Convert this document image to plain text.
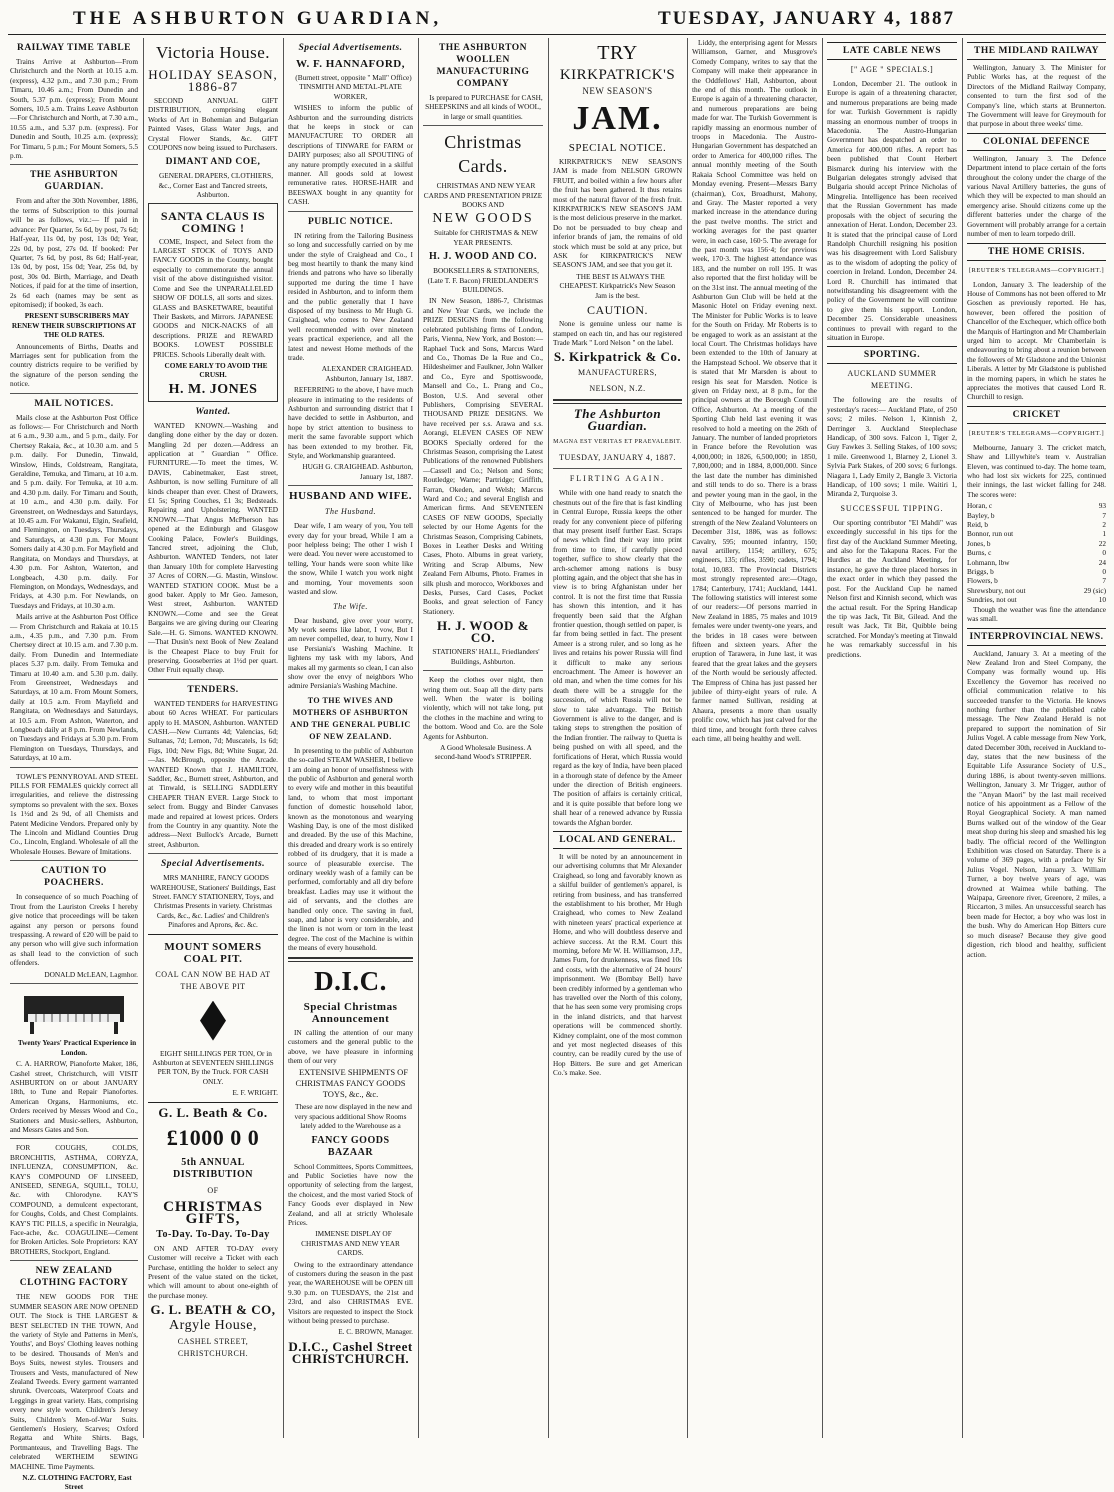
THE ASHBURTON GUARDIAN,	TUESDAY, JANUARY 4, 1887
RAILWAY TIME TABLE

Trains Arrive at Ashburton—From Christchurch and the North at 10.15 a.m. (express), 4.32 p.m., and 7.30 p.m.; From Timaru, 10.46 a.m.; From Dunedin and South, 5.37 p.m. (express); From Mount Somers, 10.5 a.m. Trains Leave Ashburton—For Christchurch and North, at 7.30 a.m., 10.55 a.m., and 5.37 p.m. (express). For Dunedin and South, 10.25 a.m. (express); For Timaru, 5 p.m.; For Mount Somers, 5.5 p.m.

THE ASHBURTON GUARDIAN.

From and after the 30th November, 1886, the terms of Subscription to this journal will be as follows, viz.:— If paid in advance: Per Quarter, 5s 6d, by post, 7s 6d; Half-year, 11s 0d, by post, 13s 0d; Year, 22s 0d, by post, 27s 0d. If booked: Per Quarter, 7s 6d, by post, 8s 6d; Half-year, 13s 0d, by post, 15s 0d; Year, 25s 0d, by post, 30s 0d. Birth, Marriage, and Death Notices, if paid for at the time of insertion, 2s 6d each (names may be sent as epitomised); if booked, 3s each.

PRESENT SUBSCRIBERS MAY RENEW THEIR SUBSCRIPTIONS AT THE OLD RATES.

Announcements of Births, Deaths and Marriages sent for publication from the country districts require to be verified by the signature of the person sending the notice.

MAIL NOTICES.

Mails close at the Ashburton Post Office as follows:— For Christchurch and North at 6 a.m., 9.30 a.m., and 5 p.m., daily. For Chertsey Rakaia, &c., at 10.30 a.m. and 5 p.m. daily. For Dunedin, Tinwald, Winslow, Hinds, Coldstream, Rangitata, Geraldine, Temuka, and Timaru, at 10 a.m. and 5 p.m. daily. For Temuka, at 10 a.m. and 4.30 p.m. daily. For Timaru and South, at 10 a.m., and 4.30 p.m. daily. For Greenstreet, on Wednesdays and Saturdays, at 10.45 a.m. For Wakanui, Elgin, Seafield, and Flemington, on Tuesdays, Thursdays, and Saturdays, at 4.30 p.m. For Mount Somers daily at 4.30 p.m. For Mayfield and Rangitata, on Mondays and Thursdays, at 4.30 p.m. For Ashton, Waterton, and Longbeach, 4.30 p.m. daily. For Flemington, on Mondays, Wednesdays, and Fridays, at 4.30 p.m. For Newlands, on Tuesdays and Fridays, at 10.30 a.m.

Mails arrive at the Ashburton Post Office— From Christchurch and Rakaia at 10.15 a.m., 4.35 p.m., and 7.30 p.m. From Chertsey direct at 10.15 a.m. and 7.30 p.m. daily. From Dunedin and Intermediate places 5.37 p.m. daily. From Temuka and Timaru at 10.40 a.m. and 5.30 p.m. daily. From Greenstreet, Wednesdays and Saturdays, at 10 a.m. From Mount Somers, daily at 10.5 a.m. From Mayfield and Rangitata, on Wednesdays and Saturdays, at 10.5 a.m. From Ashton, Waterton, and Longbeach daily at 8 p.m. From Newlands, on Tuesdays and Fridays at 5.30 p.m. From Flemington on Tuesdays, Thursdays, and Saturdays, at 10 a.m.

TOWLE'S PENNYROYAL AND STEEL PILLS FOR FEMALES quickly correct all irregularities, and relieve the distressing symptoms so prevalent with the sex. Boxes 1s 1½d and 2s 9d, of all Chemists and Patent Medicine Vendors. Prepared only by The Lincoln and Midland Counties Drug Co., Lincoln, England. Wholesale of all the Wholesale Houses. Beware of Imitations.

CAUTION TO POACHERS.

In consequence of so much Poaching of Trout from the Lauriston Creeks I hereby give notice that proceedings will be taken against any person or persons found trespassing. A reward of £20 will be paid to any person who will give such information as shall lead to the conviction of such offenders.

DONALD McLEAN, Lagmhor.

Twenty Years' Practical Experience in London.

C. A. HARROW, Pianoforte Maker, 186, Cashel street, Christchurch, will VISIT ASHBURTON on or about JANUARY 18th, to Tune and Repair Pianofortes. American Organs, Harmoniums, etc. Orders received by Messrs Wood and Co., Stationers and Music-sellers, Ashburton, and Messrs Gates and Son.

FOR COUGHS, COLDS, BRONCHITIS, ASTHMA, CORYZA, INFLUENZA, CONSUMPTION, &c. KAY'S COMPOUND OF LINSEED, ANISEED, SENEGA, SQUILL, TOLU, &c. with Chlorodyne. KAY'S COMPOUND, a demulcent expectorant, for Coughs, Colds, and Chest Complaints. KAY'S TIC PILLS, a specific in Neuralgia, Face-ache, &c. COAGULINE—Cement for Broken Articles. Sole Proprietors: KAY BROTHERS, Stockport, England.

NEW ZEALAND CLOTHING FACTORY

THE NEW GOODS FOR THE SUMMER SEASON ARE NOW OPENED OUT. The Stock is THE LARGEST & BEST SELECTED IN THE TOWN, And the variety of Style and Patterns in Men's, Youths', and Boys' Clothing leaves nothing to be desired. Thousands of Men's and Boys Suits, newest styles. Trousers and Trousers and Vests, manufactured of New Zealand Tweeds. Every garment warranted shrunk. Overcoats, Waterproof Coats and Leggings in great variety. Hats, comprising every new style worn. Children's Jersey Suits, Children's Men-of-War Suits. Gentlemen's Hosiery, Scarves; Oxford Regatta and White Shirts. Bags, Portmanteaus, and Travelling Bags. The celebrated WERTHEIM SEWING MACHINE. Time Payments.

N.Z. CLOTHING FACTORY, East Street

Victoria House.
HOLIDAY SEASON, 1886-87

SECOND ANNUAL GIFT DISTRIBUTION, comprising elegant Works of Art in Bohemian and Bulgarian Painted Vases, Glass Water Jugs, and Crystal Flower Stands, &c. GIFT COUPONS now being issued to Purchasers.

DIMANT AND COE,

GENERAL DRAPERS, CLOTHIERS, &c., Corner East and Tancred streets, Ashburton.

SANTA CLAUS IS COMING !

COME, Inspect, and Select from the LARGEST STOCK of TOYS AND FANCY GOODS in the County, bought especially to commemorate the annual visit of the above distinguished visitor. Come and See the UNPARALLELED SHOW OF DOLLS, all sorts and sizes. GLASS and BASKETWARE, beautiful Their Baskets, and Mirrors. JAPANESE GOODS and NICK-NACKS of all descriptions. PRIZE and REWARD BOOKS. LOWEST POSSIBLE PRICES. Schools Liberally dealt with.

COME EARLY TO AVOID THE CRUSH.

H. M. JONES
Wanted.

WANTED KNOWN.—Washing and dangling done either by the day or dozen. Mangling 2d per dozen.—Address an application at " Guardian " Office. FURNITURE.—To meet the times, W. DAVIS, Cabinetmaker, East street, Ashburton, is now selling Furniture of all kinds cheaper than ever. Chest of Drawers, £1 5s; Spring Couches, £1 3s; Bedsteads. Repairing and Upholstering. WANTED KNOWN.—That Angus McPherson has opened at the Edinburgh and Glasgow Cooking Palace, Fowler's Buildings, Tancred street, adjoining the Club, Ashburton. WANTED Tenders, not later than January 10th for complete Harvesting 37 Acres of CORN.—G. Mastin, Winslow. WANTED STATION COOK. Must be a good baker. Apply to Mr Geo. Jameson, West street, Ashburton. WANTED KNOWN.—Come and see the Great Bargains we are giving during our Clearing Sale.—H. G. Simons. WANTED KNOWN.—That Dusin's next Book of New Zealand is the Cheapest Place to buy Fruit for preserving. Gooseberries at 1½d per quart. Other Fruit equally cheap.

TENDERS.

WANTED TENDERS for HARVESTING about 60 Acres WHEAT. For particulars apply to H. MASON, Ashburton. WANTED CASH.—New Currants 4d; Valencias, 6d; Sultanas, 7d; Lemon, 7d; Muscatels, 1s 6d; Figs, 10d; New Figs, 8d; White Sugar, 2d.—Jas. McBrough, opposite the Arcade. WANTED Known that J. HAMILTON, Saddler, &c., Burnett street, Ashburton, and at Tinwald, is SELLING SADDLERY CHEAPER THAN EVER. Large Stock to select from. Buggy and Binder Canvases made and repaired at lowest prices. Orders from the Country in any quantity. Note the address—Next Bullock's Arcade, Burnett street, Ashburton.

Special Advertisements.

MRS MANHIRE, FANCY GOODS WAREHOUSE, Stationers' Buildings, East Street. FANCY STATIONERY, Toys, and Christmas Presents in variety. Christmas Cards, &c., &c. Ladies' and Children's Pinafores and Aprons, &c. &c.

MOUNT SOMERS COAL PIT.
COAL CAN NOW BE HAD AT THE ABOVE PIT

EIGHT SHILLINGS PER TON, Or in Ashburton at SEVENTEEN SHILLINGS PER TON, By the Truck. FOR CASH ONLY.

E. F. WRIGHT.

G. L. Beath & Co.
£1000 0 0
5th ANNUAL DISTRIBUTION
OF
CHRISTMAS GIFTS,
To-Day. To-Day. To-Day

ON AND AFTER TO-DAY every Customer will receive a Ticket with each Purchase, entitling the holder to select any Present of the value stated on the ticket, which will amount to about one-eighth of the purchase money.

G. L. BEATH & CO,
Argyle House,
CASHEL STREET, CHRISTCHURCH.
Special Advertisements.
W. F. HANNAFORD,

(Burnett street, opposite " Mall" Office) TINSMITH AND METAL-PLATE WORKER,

WISHES to inform the public of Ashburton and the surrounding districts that he keeps in stock or can MANUFACTURE TO ORDER all descriptions of TINWARE for FARM or DAIRY purposes; also all SPOUTING of any nature promptly executed in a skilful manner. All goods sold at lowest remunerative rates. HORSE-HAIR and BEESWAX bought in any quantity for CASH.

PUBLIC NOTICE.

IN retiring from the Tailoring Business so long and successfully carried on by me under the style of Craighead and Co., I beg most heartily to thank the many kind friends and patrons who have so liberally supported me during the time I have resided in Ashburton, and to inform them and the public generally that I have disposed of my business to Mr Hugh G. Craighead, who comes to New Zealand well recommended with over nineteen years practical experience, and all the latest and newest Home methods of the trade.

ALEXANDER CRAIGHEAD. Ashburton, January 1st, 1887.

REFERRING to the above, I have much pleasure in intimating to the residents of Ashburton and surrounding district that I have decided to settle in Ashburton, and hope by strict attention to business to merit the same favorable support which has been extended to my brother. Fit, Style, and Workmanship guaranteed.

HUGH G. CRAIGHEAD. Ashburton, January 1st, 1887.

HUSBAND AND WIFE.
The Husband.

Dear wife, I am weary of you, You tell every day for your bread, While I am a poor helpless being; The other I wish I were dead. You never were accustomed to telling, Your hands were soon white like the snow, While I watch you work night and morning, Your movements soon wasted and slow.

The Wife.

Dear husband, give over your worry, My work seems like labor, I vow, But I am never compelled, dear, to hurry, Now I use Persiania's Washing Machine. It lightens my task with my labors, And makes all my garments so clean, I can also show over the envy of neighbors Who admire Persiania's Washing Machine.

TO THE WIVES AND MOTHERS OF ASHBURTON AND THE GENERAL PUBLIC OF NEW ZEALAND.

In presenting to the public of Ashburton the so-called STEAM WASHER, I believe I am doing an honor of unselfishness with the public of Ashburton and general worth to every wife and mother in this beautiful land, to whom that most important function of domestic household labor, known as the monotonous and wearying Washing Day, is one of the most disliked and dreaded. By the use of this Machine, this dreaded and dreary work is so entirely robbed of its drudgery, that it is made a source of pleasurable exercise. The ordinary weekly wash of a family can be performed, comfortably and all dry before breakfast. Ladies may use it without the aid of servants, and the clothes are handled only once. The saving in fuel, soap, and labor is very considerable, and the linen is not worn or torn in the least degree. The cost of the Machine is within the means of every household.

D.I.C.
Special Christmas Announcement

IN calling the attention of our many customers and the general public to the above, we have pleasure in informing them of our very

EXTENSIVE SHIPMENTS OF CHRISTMAS FANCY GOODS TOYS, &c., &c.

These are now displayed in the new and very spacious additional Show Rooms lately added to the Warehouse as a

FANCY GOODS BAZAAR

School Committees, Sports Committees, and Public Societies have now the opportunity of selecting from the largest, the choicest, and the most varied Stock of Fancy Goods ever displayed in New Zealand, and all at strictly Wholesale Prices.

IMMENSE DISPLAY OF CHRISTMAS AND NEW YEAR CARDS.

Owing to the extraordinary attendance of customers during the season in the past year, the WAREHOUSE will be OPEN till 9.30 p.m. on TUESDAYS, the 21st and 23rd, and also CHRISTMAS EVE. Visitors are requested to inspect the Stock without being pressed to purchase.

E. C. BROWN, Manager.

D.I.C., Cashel Street CHRISTCHURCH.
THE ASHBURTON WOOLLEN MANUFACTURING COMPANY

Is prepared to PURCHASE for CASH, SHEEPSKINS and all kinds of WOOL, in large or small quantities.

Christmas Cards.

CHRISTMAS AND NEW YEAR CARDS AND PRESENTATION PRIZE BOOKS AND

NEW GOODS

Suitable for CHRISTMAS & NEW YEAR PRESENTS.

H. J. WOOD AND CO.

BOOKSELLERS & STATIONERS, (Late T. F. Bacon) FRIEDLANDER'S BUILDINGS.

IN New Season, 1886-7, Christmas and New Year Cards, we include the PRIZE DESIGNS from the following celebrated publishing firms of London, Paris, Vienna, New York, and Boston:—Raphael Tuck and Sons, Marcus Ward and Co., Thomas De la Rue and Co., Hildesheimer and Faulkner, John Walker and Co., Eyre and Spottiswoode, Mansell and Co., L. Prang and Co., Boston, U.S. And several other Publishers, Comprising SEVERAL THOUSAND PRIZE DESIGNS. We have received per s.s. Arawa and s.s. Aorangi, ELEVEN CASES OF NEW BOOKS Specially ordered for the Christmas Season, comprising the Latest Publications of the renowned Publishers—Cassell and Co.; Nelson and Sons; Routledge; Warne; Partridge; Griffith, Farran, Okeden, and Welsh; Marcus Ward and Co.; and several English and American firms. And SEVENTEEN CASES OF NEW GOODS, Specially selected by our Home Agents for the Christmas Season, Comprising Cabinets, Boxes in Leather Desks and Writing Cases, Photo. Albums in great variety, Writing and Scrap Albums, New Zealand Fern Albums, Photo. Frames in silk plush and morocco, Workboxes and Desks, Purses, Card Cases, Pocket Books, and great selection of Fancy Stationery.

H. J. WOOD & CO.

STATIONERS' HALL, Friedlanders' Buildings, Ashburton.

Keep the clothes over night, then wring them out. Soap all the dirty parts well. When the water is boiling violently, which will not take long, put the clothes in the machine and wring to the bottom. Wood and Co. are the Sole Agents for Ashburton.

A Good Wholesale Business. A second-hand Wood's STRIPPER.

TRY
KIRKPATRICK'S
NEW SEASON'S
JAM.
SPECIAL NOTICE.

KIRKPATRICK'S NEW SEASON'S JAM is made from NELSON GROWN FRUIT, and boiled within a few hours after the fruit has been gathered. It thus retains most of the natural flavor of the fresh fruit. KIRKPATRICK'S NEW SEASON'S JAM is the most delicious preserve in the market. Do not be persuaded to buy cheap and inferior brands of jam, the remains of old stock which must be sold at any price, but ASK for KIRKPATRICK'S NEW SEASON'S JAM, and see that you get it.

THE BEST IS ALWAYS THE CHEAPEST. Kirkpatrick's New Season Jam is the best.

CAUTION.

None is genuine unless our name is stamped on each tin, and has our registered Trade Mark " Lord Nelson " on the label.

S. Kirkpatrick & Co.
MANUFACTURERS,
NELSON, N.Z.
The Ashburton Guardian.
MAGNA EST VERITAS ET PRAEVALEBIT.
TUESDAY, JANUARY 4, 1887.
FLIRTING AGAIN.

While with one hand ready to snatch the chestnuts out of the fire that is fast kindling in Central Europe, Russia keeps the other ready for any convenient piece of pilfering that may present itself further East. Scraps of news which find their way into print from time to time, if carefully pieced together, suffice to show clearly that the arch-schemer among nations is busy plotting again, and the object that she has in view is to bring Afghanistan under her control. It is not the first time that Russia has shown this intention, and it has frequently been said that the Afghan frontier question, though settled on paper, is far from being settled in fact. The present Ameer is a strong ruler, and so long as he lives and retains his power Russia will find it difficult to make any serious encroachment. The Ameer is however an old man, and when the time comes for his death there will be a struggle for the succession, of which Russia will not be slow to take advantage. The British Government is alive to the danger, and is taking steps to strengthen the position of the Indian frontier. The railway to Quetta is being pushed on with all speed, and the fortifications of Herat, which Russia would regard as the key of India, have been placed in a thorough state of defence by the Ameer under the direction of British engineers. The position of affairs is certainly critical, and it is quite possible that before long we shall hear of a renewed advance by Russia towards the Afghan border.

LOCAL AND GENERAL.

It will be noted by an announcement in our advertising columns that Mr Alexander Craighead, so long and favorably known as a skilful builder of gentlemen's apparel, is retiring from business, and has transferred the establishment to his brother, Mr Hugh Craighead, who comes to New Zealand with nineteen years' practical experience at Home, and who will doubtless deserve and achieve success. At the R.M. Court this morning, before Mr W. H. Williamson, J.P., James Furn, for drunkenness, was fined 10s and costs, with the alternative of 24 hours' imprisonment. We (Bombay Bell) have been credibly informed by a gentleman who has travelled over the North of this colony, that he has seen some very promising crops in the inland districts, and that harvest operations will be commenced shortly. Kidney complaint, one of the most common and yet most neglected diseases of this country, can be readily cured by the use of Hop Bitters. Be sure and get American Co.'s make. See.

Liddy, the enterprising agent for Messrs Williamson, Garner, and Musgrove's Comedy Company, writes to say that the Company will make their appearance in the Oddfellows' Hall, Ashburton, about the end of this month. The outlook in Europe is again of a threatening character, and numerous preparations are being made for war. The Turkish Government is rapidly massing an enormous number of troops in Macedonia. The Austro-Hungarian Government has despatched an order to America for 400,000 rifles. The annual monthly meeting of the South Rakaia School Committee was held on Monday evening. Present—Messrs Barry (chairman), Cox, Broadhurst, Mahony, and Gray. The Master reported a very marked increase in the attendance during the past twelve months. The strict and working averages for the past quarter were, in each case, 160·5. The average for the past month was 156·4; for previous week, 170·3. The highest attendance was 183, and the number on roll 195. It was also reported that the first holiday will be on the 31st inst. The annual meeting of the Ashburton Gun Club will be held at the Masonic Hotel on Friday evening next. The Minister for Public Works is to leave for the South on Friday. Mr Roberts is to be engaged to work as an assistant at the local Court. The Christmas holidays have been extended to the 10th of January at the Hampstead School. We observe that it is stated that Mr Marsden is about to resign his seat for Marsden. Notice is given on Friday next, at 8 p.m., for the principal owners at the Borough Council Office, Ashburton. At a meeting of the Sporting Club held last evening it was resolved to hold a meeting on the 26th of January. The number of landed proprietors in France before the Revolution was 4,000,000; in 1826, 6,500,000; in 1850, 7,800,000; and in 1884, 8,000,000. Since the last date the number has diminished and still tends to do so. There is a brass and pewter young man in the gaol, in the City of Melbourne, who has just been sentenced to be hanged for murder. The strength of the New Zealand Volunteers on December 31st, 1886, was as follows: Cavalry, 595; mounted infantry, 150; naval artillery, 1154; artillery, 675; engineers, 135; rifles, 3590; cadets, 1794; total, 10,083. The Provincial Districts most strongly represented are:—Otago, 1784; Canterbury, 1741; Auckland, 1441. The following statistics will interest some of our readers:—Of persons married in New Zealand in 1885, 75 males and 1019 females were under twenty-one years, and the brides in 18 cases were between fifteen and sixteen years. After the eruption of Tarawera, in June last, it was feared that the great lakes and the geysers of the North would be seriously affected. The Empress of China has just passed her jubilee of thirty-eight years of rule. A farmer named Sullivan, residing at Ahaura, presents a more than usually prolific cow, which has just calved for the third time, and brought forth three calves each time, all being healthy and well.

LATE CABLE NEWS
[" AGE " SPECIALS.]

London, December 21. The outlook in Europe is again of a threatening character, and numerous preparations are being made for war. Turkish Government is rapidly massing an enormous number of troops in Macedonia. The Austro-Hungarian Government has despatched an order to America for 400,000 rifles. A report has been published that Count Herbert Bismarck during his interview with the Bulgarian delegates strongly advised that Bulgaria should accept Prince Nicholas of Mingrelia. Intelligence has been received that the Russian Government has made proposals with the object of securing the annexation of Herat. London, December 23. It is stated that the principal cause of Lord Randolph Churchill resigning his position was his disagreement with Lord Salisbury as to the wisdom of adopting the policy of coercion in Ireland. London, December 24. Lord R. Churchill has intimated that notwithstanding his disagreement with the policy of the Government he will continue to give them his support. London, December 25. Considerable uneasiness continues to prevail with regard to the situation in Europe.

SPORTING.
AUCKLAND SUMMER MEETING.

The following are the results of yesterday's races:— Auckland Plate, of 250 sovs; 2 miles. Nelson 1, Kinnish 2, Derringer 3. Auckland Steeplechase Handicap, of 300 sovs. Falcon 1, Tiger 2, Guy Fawkes 3. Selling Stakes, of 100 sovs; 1 mile. Greenwood 1, Blarney 2, Lionel 3. Sylvia Park Stakes, of 200 sovs; 6 furlongs. Niagara 1, Lady Emily 2, Bangle 3. Victoria Handicap, of 100 sovs; 1 mile. Waitiri 1, Miranda 2, Turquoise 3.

SUCCESSFUL TIPPING.

Our sporting contributor "El Mahdi" was exceedingly successful in his tips for the first day of the Auckland Summer Meeting, and also for the Takapuna Races. For the Hurdles at the Auckland Meeting, for instance, he gave the three placed horses in the exact order in which they passed the post. For the Auckland Cup he named Nelson first and Kinnish second, which was the actual result. For the Spring Handicap the tip was Jack, Tit Bit, Gilead. And the result was Jack, Tit Bit, Quibble being scratched. For Monday's meeting at Tinwald he was remarkably successful in his predictions.

THE MIDLAND RAILWAY

Wellington, January 3. The Minister for Public Works has, at the request of the Directors of the Midland Railway Company, consented to turn the first sod of the Company's line, which starts at Brunnerton. The Government will leave for Greymouth for that purpose in about three weeks' time.

COLONIAL DEFENCE

Wellington, January 3. The Defence Department intend to place certain of the forts throughout the colony under the charge of the various Naval Artillery batteries, the guns of which they will be expected to man should an emergency arise. Should citizens come up the different batteries under the charge of the Government will probably arrange for a certain number of men to learn torpedo drill.

THE HOME CRISIS.
[REUTER'S TELEGRAMS—COPYRIGHT.]

London, January 3. The leadership of the House of Commons has not been offered to Mr Goschen as previously reported. He has, however, been offered the position of Chancellor of the Exchequer, which office both the Marquis of Hartington and Mr Chamberlain urged him to accept. Mr Chamberlain is endeavouring to bring about a reunion between the followers of Mr Gladstone and the Unionist Liberals. A letter by Mr Gladstone is published in the morning papers, in which he states he appreciates the motives that caused Lord R. Churchill to resign.

CRICKET
[REUTER'S TELEGRAMS—COPYRIGHT.]

Melbourne, January 3. The cricket match, Shaw and Lillywhite's team v. Australian Eleven, was continued to-day. The home team, who had lost six wickets for 225, continued their innings, the last wicket falling for 248. The scores were:

Horan, c	93
Bayley, b	7
Reid, b	2
Bonnor, run out	1
Jones, b	22
Burns, c	0
Lohmann, lbw	24
Briggs, b	0
Flowers, b	7
Shrewsbury, not out	29 (sic)
Sundries, not out	10

Though the weather was fine the attendance was small.

INTERPROVINCIAL NEWS.

Auckland, January 3. At a meeting of the New Zealand Iron and Steel Company, the Company was formally wound up. His Excellency the Governor has received no official communication relative to his succeeded transfer to the Victoria. He knows nothing further than the published cable message. The New Zealand Herald is not prepared to support the nomination of Sir Julius Vogel. A cable message from New York, dated December 30th, received in Auckland to-day, states that the new business of the Equitable Life Assurance Society of U.S., during 1886, is about twenty-seven millions. Wellington, January 3. Mr Trigger, author of the "Anyan Maori" by the last mail received notice of his appointment as a Fellow of the Royal Geographical Society. A man named Burns walked out of the window of the Gear meat shop during his sleep and smashed his leg badly. The official record of the Wellington Exhibition was closed on Saturday. There is a volume of 369 pages, with a preface by Sir Julius Vogel. Nelson, January 3. William Turner, a boy twelve years of age, was drowned at Waimea while bathing. The Waipapa, Greenore river, Greenore, 2 miles, a Riccarton, 3 miles. An unsuccessful search has been made for Hector, a boy who was lost in the bush. Why do American Hop Bitters cure so much disease? Because they give good digestion, rich blood and healthy, sufficient action.
